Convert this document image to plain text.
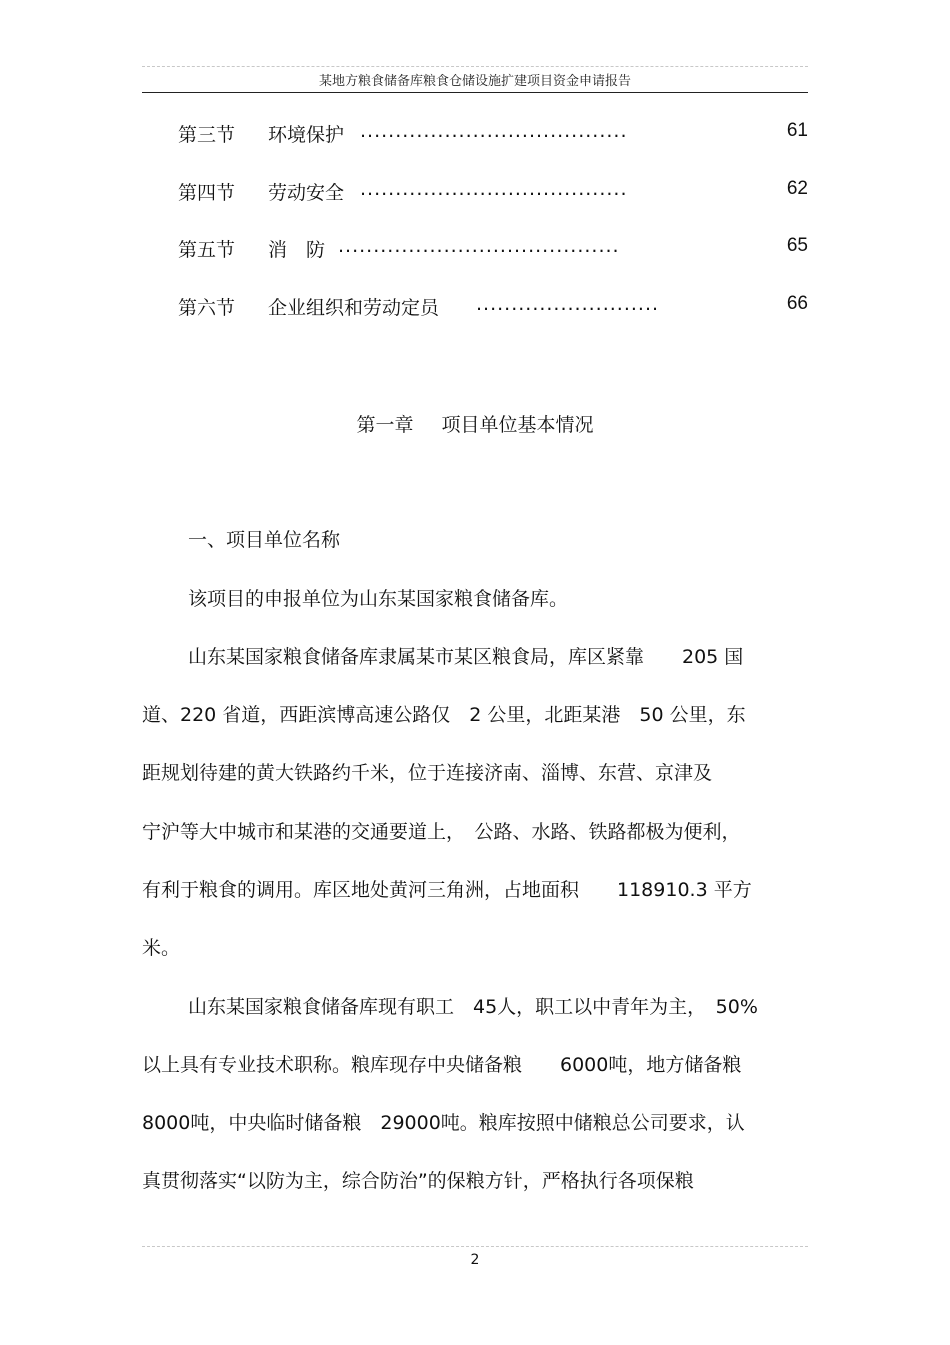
某地方粮食储备库粮食仓储设施扩建项目资金申请报告
第三节 环境保护 ......................................	61
第四节 劳动安全 ......................................	62
第五节 消　防 ........................................	65
第六节 企业组织和劳动定员 ..........................	66
第一章 项目单位基本情况
一、项目单位名称
该项目的申报单位为山东某国家粮食储备库。
山东某国家粮食储备库隶属某市某区粮食局，库区紧靠　　205 国
道、220 省道，西距滨博高速公路仅　2 公里，北距某港　50 公里，东
距规划待建的黄大铁路约千米，位于连接济南、淄博、东营、京津及
宁沪等大中城市和某港的交通要道上，　公路、水路、铁路都极为便利，
有利于粮食的调用。库区地处黄河三角洲，占地面积　　118910.3 平方
米。
山东某国家粮食储备库现有职工　45人，职工以中青年为主，　50%
以上具有专业技术职称。粮库现存中央储备粮　　6000吨，地方储备粮
8000吨，中央临时储备粮　29000吨。粮库按照中储粮总公司要求，认
真贯彻落实“以防为主，综合防治”的保粮方针，严格执行各项保粮
2
